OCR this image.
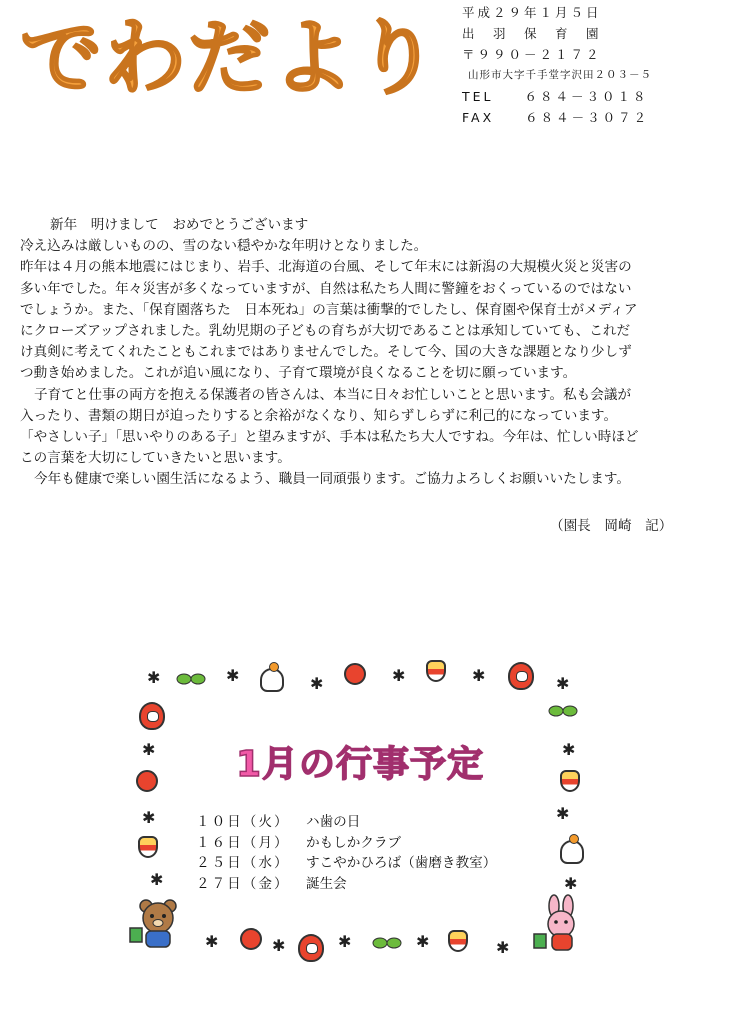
でわだより 平成２９年１月５日
出　羽　保　育　園
〒９９０－２１７２
山形市大字千手堂字沢田２０３－５
TEL　　６８４－３０１８
FAX　　６８４－３０７２

新年　明けまして　おめでとうございます

冷え込みは厳しいものの、雪のない穏やかな年明けとなりました。

昨年は４月の熊本地震にはじまり、岩手、北海道の台風、そして年末には新潟の大規模火災と災害の

多い年でした。年々災害が多くなっていますが、自然は私たち人間に警鐘をおくっているのではない

でしょうか。また、「保育園落ちた　日本死ね」の言葉は衝撃的でしたし、保育園や保育士がメディア

にクローズアップされました。乳幼児期の子どもの育ちが大切であることは承知していても、これだ

け真剣に考えてくれたこともこれまではありませんでした。そして今、国の大きな課題となり少しず

つ動き始めました。これが追い風になり、子育て環境が良くなることを切に願っています。

子育てと仕事の両方を抱える保護者の皆さんは、本当に日々お忙しいことと思います。私も会議が

入ったり、書類の期日が迫ったりすると余裕がなくなり、知らずしらずに利己的になっています。

「やさしい子」「思いやりのある子」と望みますが、手本は私たち大人ですね。今年は、忙しい時ほど

この言葉を大切にしていきたいと思います。

今年も健康で楽しい園生活になるよう、職員一同頑張ります。ご協力よろしくお願いいたします。

（園長　岡崎　記）
✱	✱	✱	✱	✱	✱
✱
✱
✱
✱
✱
✱
✱	✱	✱	✱	✱
1月の行事予定
１０日（火） ハ歯の日
１６日（月） かもしかクラブ
２５日（水） すこやかひろば（歯磨き教室）
２７日（金） 誕生会
